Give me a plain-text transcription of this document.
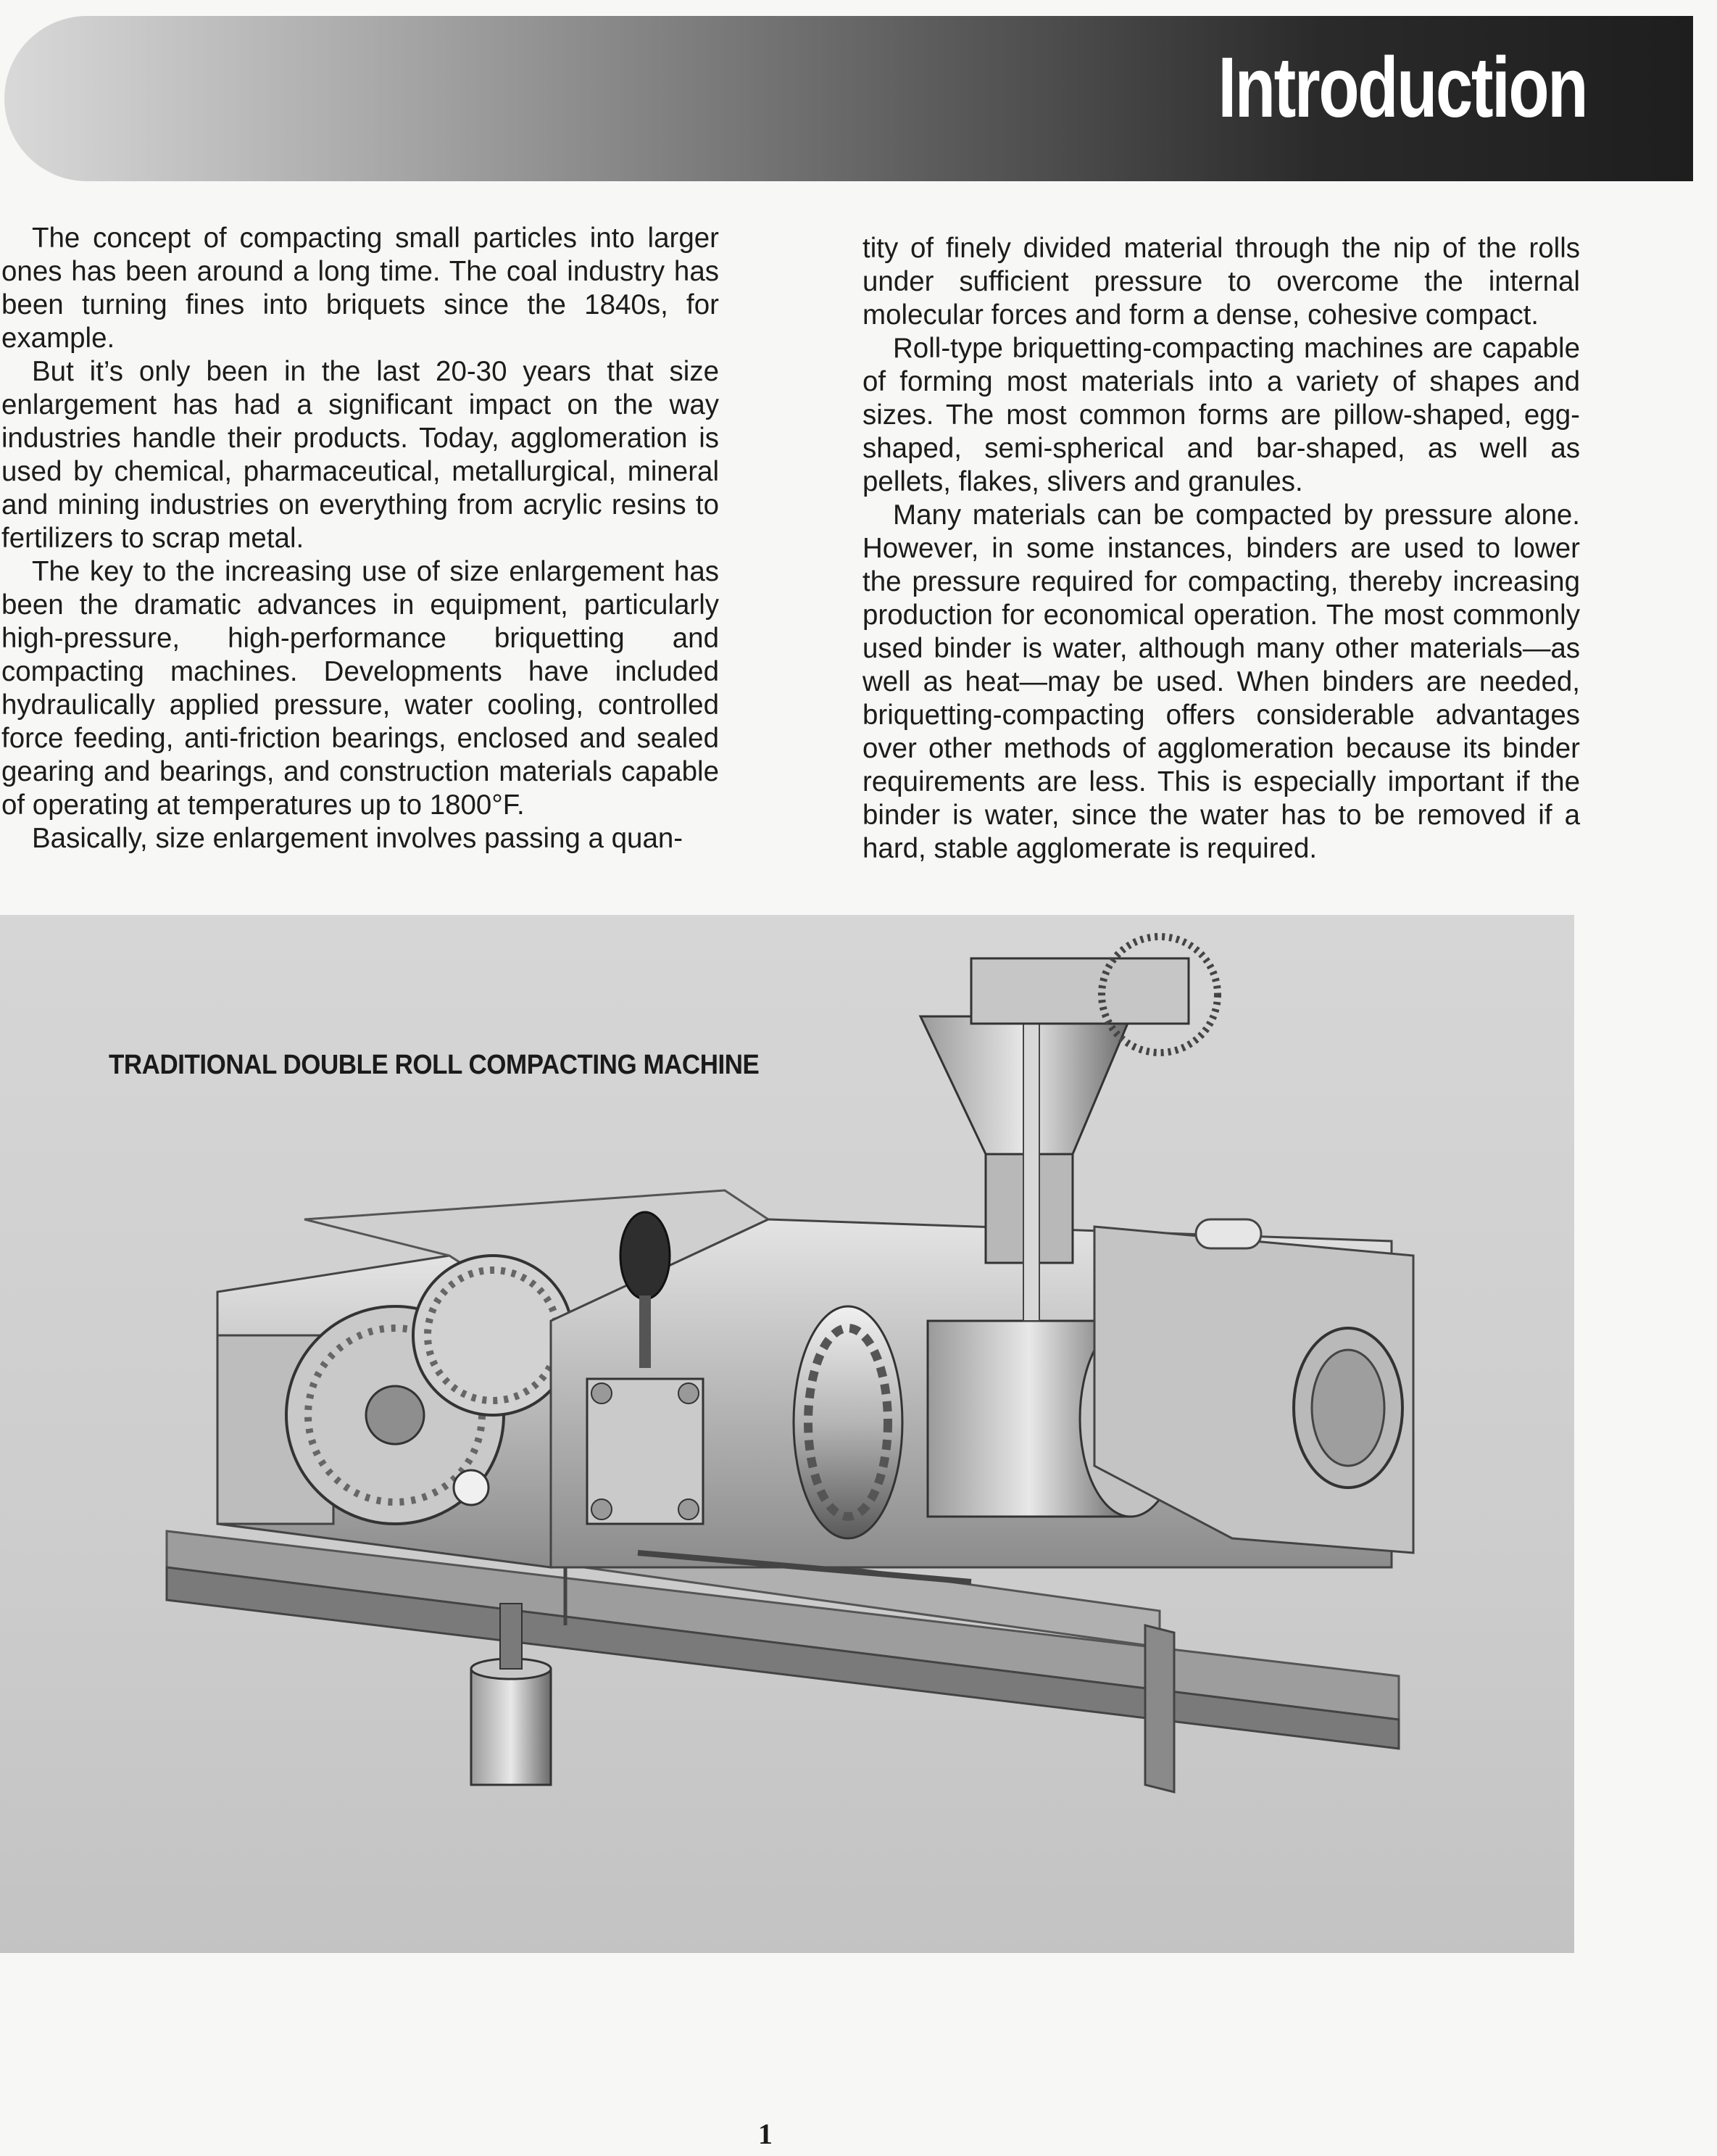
Introduction

The concept of compacting small particles into larger ones has been around a long time. The coal industry has been turning fines into briquets since the 1840s, for example.

But it’s only been in the last 20-30 years that size enlargement has had a significant impact on the way industries handle their products. Today, agglomeration is used by chemical, pharmaceutical, metallurgical, mineral and mining industries on everything from acrylic resins to fertilizers to scrap metal.

The key to the increasing use of size enlargement has been the dramatic advances in equipment, particularly high-pressure, high-performance briquetting and compacting machines. Developments have included hydraulically applied pressure, water cooling, controlled force feeding, anti-friction bearings, enclosed and sealed gearing and bearings, and construction materials capable of operating at temperatures up to 1800°F.

Basically, size enlargement involves passing a quan-

tity of finely divided material through the nip of the rolls under sufficient pressure to overcome the internal molecular forces and form a dense, cohesive compact.

Roll-type briquetting-compacting machines are capable of forming most materials into a variety of shapes and sizes. The most common forms are pillow-shaped, egg-shaped, semi-spherical and bar-shaped, as well as pellets, flakes, slivers and granules.

Many materials can be compacted by pressure alone. However, in some instances, binders are used to lower the pressure required for compacting, thereby increasing production for economical operation. The most commonly used binder is water, although many other materials—as well as heat—may be used. When binders are needed, briquetting-compacting offers considerable advantages over other methods of agglomeration because its binder requirements are less. This is especially important if the binder is water, since the water has to be removed if a hard, stable agglomerate is required.

TRADITIONAL DOUBLE ROLL COMPACTING MACHINE
1
